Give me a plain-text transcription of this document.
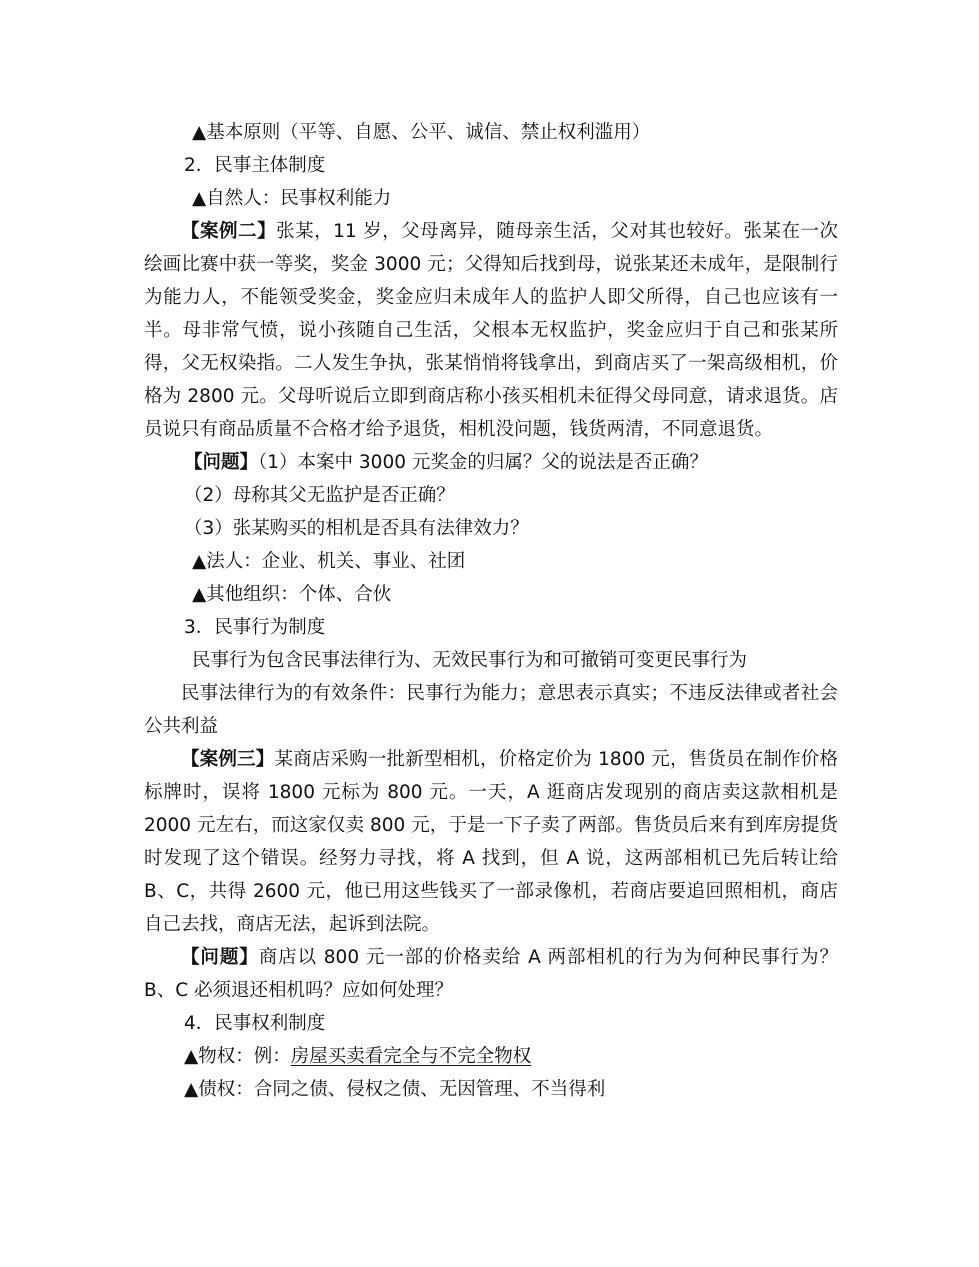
▲基本原则（平等、自愿、公平、诚信、禁止权利滥用）

2．民事主体制度

▲自然人：民事权利能力

【案例二】张某，11 岁，父母离异，随母亲生活，父对其也较好。张某在一次绘画比赛中获一等奖，奖金 3000 元；父得知后找到母，说张某还未成年，是限制行为能力人，不能领受奖金，奖金应归未成年人的监护人即父所得，自己也应该有一半。母非常气愤，说小孩随自己生活，父根本无权监护，奖金应归于自己和张某所得，父无权染指。二人发生争执，张某悄悄将钱拿出，到商店买了一架高级相机，价格为 2800 元。父母听说后立即到商店称小孩买相机未征得父母同意，请求退货。店员说只有商品质量不合格才给予退货，相机没问题，钱货两清，不同意退货。

【问题】（1）本案中 3000 元奖金的归属？父的说法是否正确？

（2）母称其父无监护是否正确？

（3）张某购买的相机是否具有法律效力？

▲法人：企业、机关、事业、社团

▲其他组织：个体、合伙

3．民事行为制度

民事行为包含民事法律行为、无效民事行为和可撤销可变更民事行为

民事法律行为的有效条件：民事行为能力；意思表示真实；不违反法律或者社会公共利益

【案例三】某商店采购一批新型相机，价格定价为 1800 元，售货员在制作价格标牌时，误将 1800 元标为 800 元。一天，A 逛商店发现别的商店卖这款相机是 2000 元左右，而这家仅卖 800 元，于是一下子卖了两部。售货员后来有到库房提货时发现了这个错误。经努力寻找，将 A 找到，但 A 说，这两部相机已先后转让给 B、C，共得 2600 元，他已用这些钱买了一部录像机，若商店要追回照相机，商店自己去找，商店无法，起诉到法院。

【问题】商店以 800 元一部的价格卖给 A 两部相机的行为为何种民事行为？B、C 必须退还相机吗？应如何处理？

4．民事权利制度

▲物权：例：房屋买卖看完全与不完全物权

▲债权：合同之债、侵权之债、无因管理、不当得利
